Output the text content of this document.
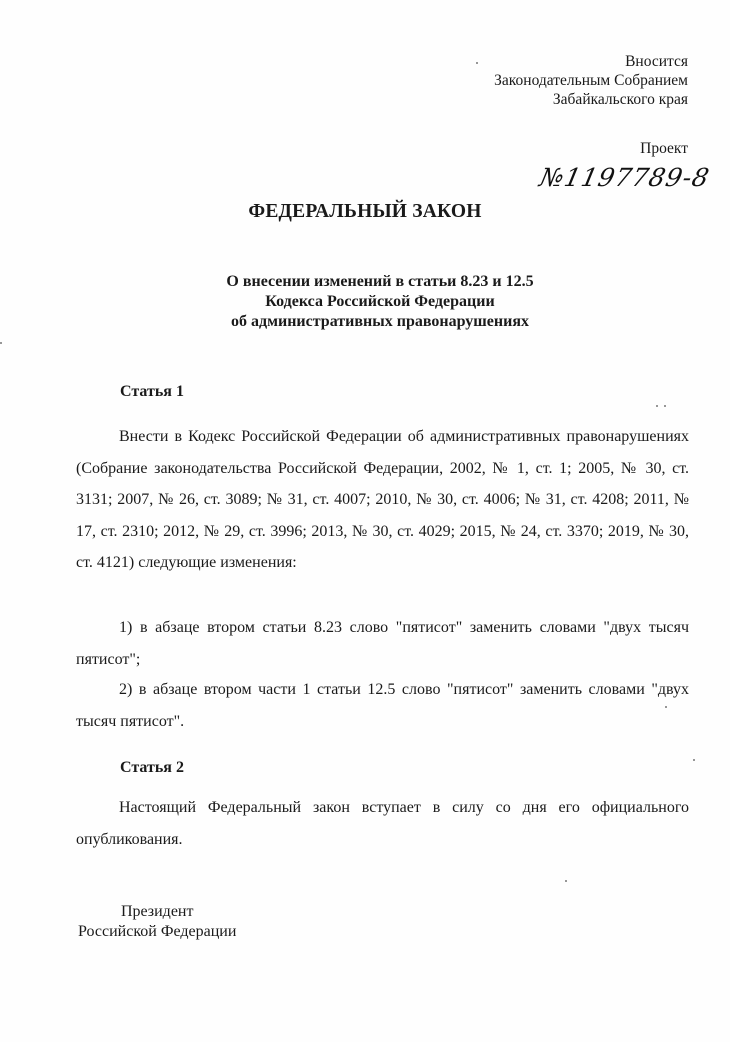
Вносится
Законодательным Собранием
Забайкальского края
Проект
№1197789-8
ФЕДЕРАЛЬНЫЙ ЗАКОН
О внесении изменений в статьи 8.23 и 12.5
Кодекса Российской Федерации
об административных правонарушениях
Статья 1

Внести в Кодекс Российской Федерации об административных правонарушениях (Собрание законодательства Российской Федерации, 2002, № 1, ст. 1; 2005, № 30, ст. 3131; 2007, № 26, ст. 3089; № 31, ст. 4007; 2010, № 30, ст. 4006; № 31, ст. 4208; 2011, № 17, ст. 2310; 2012, № 29, ст. 3996; 2013, № 30, ст. 4029; 2015, № 24, ст. 3370; 2019, № 30, ст. 4121) следующие изменения:

1) в абзаце втором статьи 8.23 слово "пятисот" заменить словами "двух тысяч пятисот";

2) в абзаце втором части 1 статьи 12.5 слово "пятисот" заменить словами "двух тысяч пятисот".

Статья 2

Настоящий Федеральный закон вступает в силу со дня его официального опубликования.

Президент
Российской Федерации
